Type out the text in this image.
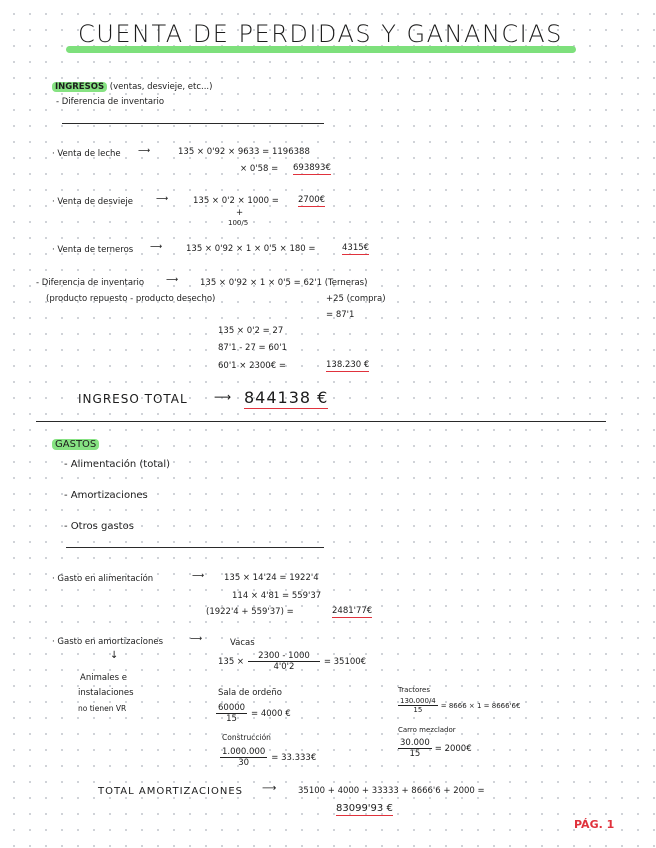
CUENTA DE PERDIDAS Y GANANCIAS
INGRESOS (ventas, desvieje, etc...)
- Diferencia de inventario
· Venta de leche ⟶	135 × 0'92 × 9633 = 1196388
× 0'58 = 693893€
· Venta de desvieje	⟶	135 × 0'2 × 1000 = 2700€
+
100/5
· Venta de terneros ⟶	135 × 0'92 × 1 × 0'5 × 180 =	4315€
- Diferencia de inventario	⟶	135 × 0'92 × 1 × 0'5 = 62'1 (Terneras)
(producto repuesto - producto desecho)	+25 (compra)
= 87'1
135 × 0'2 = 27
87'1 - 27 = 60'1
60'1 × 2300€ =	138.230 €
INGRESO TOTAL ⟶ 844138 €
GASTOS
- Alimentación (total)
- Amortizaciones
- Otros gastos
· Gasto en alimentación	⟶ 135 × 14'24 = 1922'4
114 × 4'81 = 559'37
(1922'4 + 559'37) =	2481'77€
· Gasto en amortizaciones	⟶
↓
Animales e
instalaciones
no tienen VR
Vacas
$135 \times \frac{2300 - 1000}{4'0'2}$ = 35100€
Sala de ordeño
$\frac{60000}{15} = 4000$ €
Tractores
$\frac{130.000/4}{15} = 8666 \times 1$ = 8666'6€
Carro mezclador
$\frac{30.000}{15}$ = 2000€
Construcción
$\frac{1.000.000}{30}$ = 33.333€
TOTAL AMORTIZACIONES ⟶	35100 + 4000 + 33333 + 8666'6 + 2000 =
83099'93 €
PÁG. 1
